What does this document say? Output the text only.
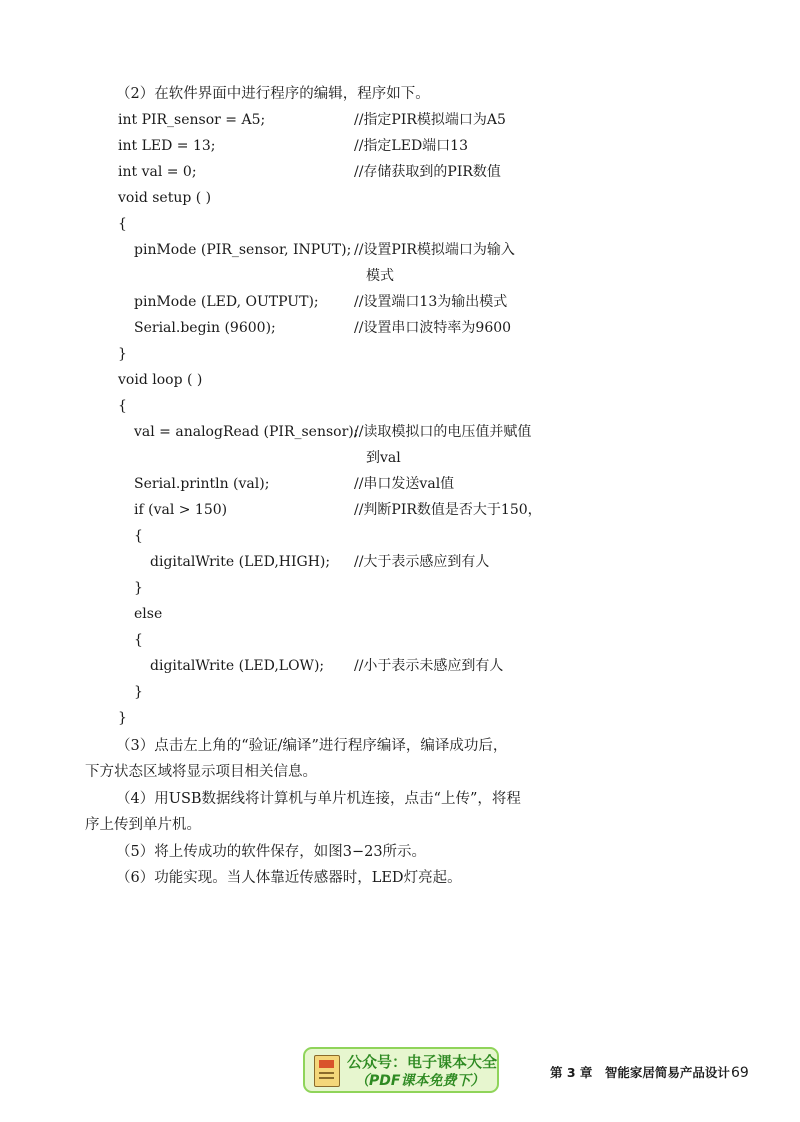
（2）在软件界面中进行程序的编辑，程序如下。
int PIR_sensor = A5;	//指定PIR模拟端口为A5
int LED = 13;	//指定LED端口13
int val = 0;	//存储获取到的PIR数值
void setup ( )
{
pinMode (PIR_sensor, INPUT); //设置PIR模拟端口为输入
模式
pinMode (LED, OUTPUT);	//设置端口13为输出模式
Serial.begin (9600);	//设置串口波特率为9600
}
void loop ( )
{
val = analogRead (PIR_sensor);
//读取模拟口的电压值并赋值
到val
Serial.println (val);	//串口发送val值
if (val > 150)	//判断PIR数值是否大于150，
{
digitalWrite (LED,HIGH); //大于表示感应到有人
}
else
{
digitalWrite (LED,LOW); //小于表示未感应到有人
}
}
（3）点击左上角的“验证/编译”进行程序编译，编译成功后，
下方状态区域将显示项目相关信息。
（4）用USB数据线将计算机与单片机连接，点击“上传”，将程
序上传到单片机。
（5）将上传成功的软件保存，如图3−23所示。
（6）功能实现。当人体靠近传感器时，LED灯亮起。
公众号：电子课本大全
（PDF课本免费下）
第 3 章　智能家居简易产品设计 69
